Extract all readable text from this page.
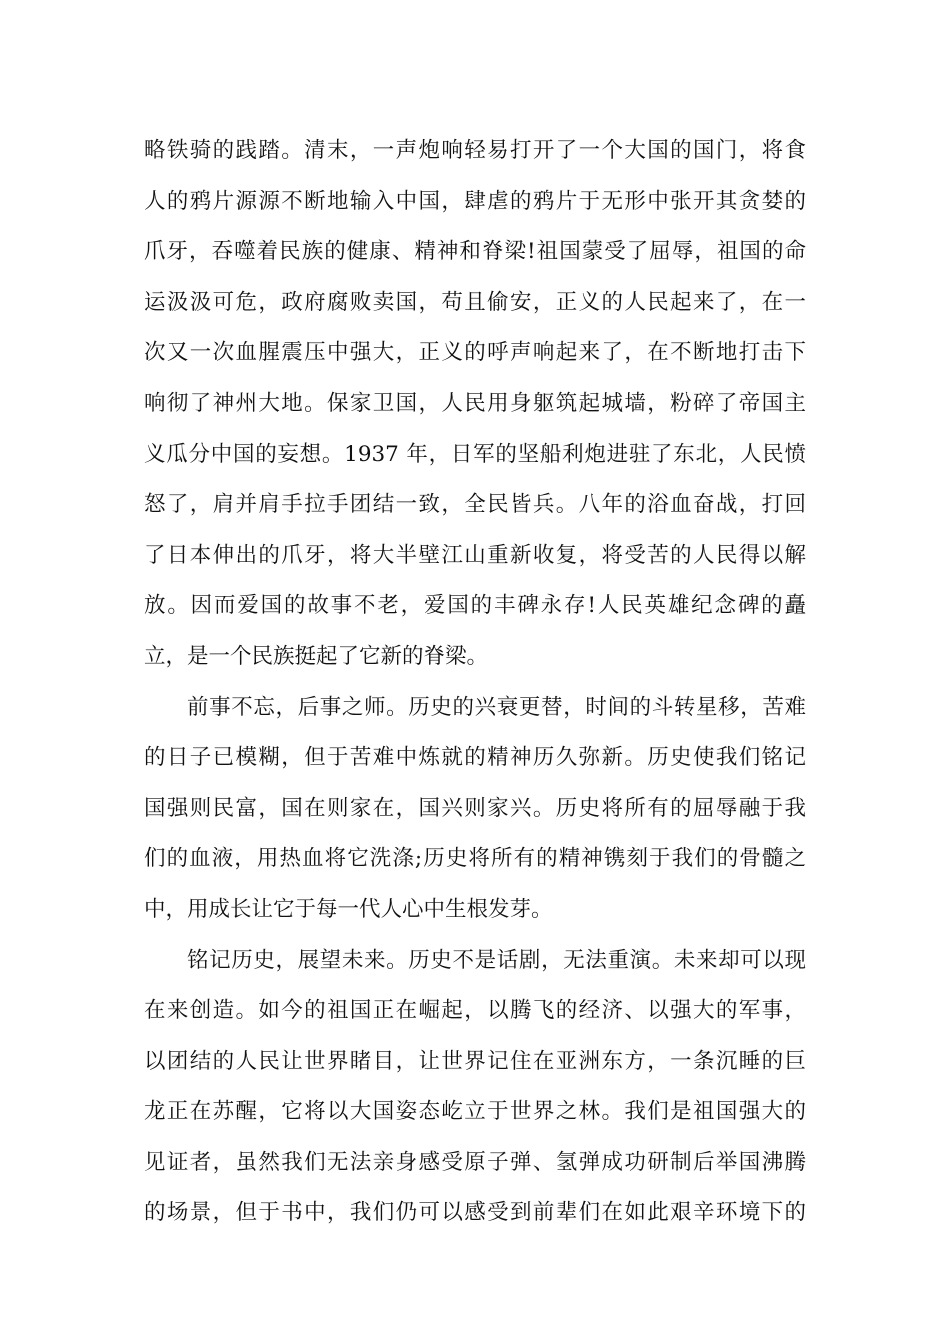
略铁骑的践踏。清末，一声炮响轻易打开了一个大国的国门，将食
人的鸦片源源不断地输入中国，肆虐的鸦片于无形中张开其贪婪的
爪牙，吞噬着民族的健康、精神和脊梁!祖国蒙受了屈辱，祖国的命
运汲汲可危，政府腐败卖国，苟且偷安，正义的人民起来了，在一
次又一次血腥震压中强大，正义的呼声响起来了，在不断地打击下
响彻了神州大地。保家卫国，人民用身躯筑起城墙，粉碎了帝国主
义瓜分中国的妄想。1937 年，日军的坚船利炮进驻了东北，人民愤
怒了，肩并肩手拉手团结一致，全民皆兵。八年的浴血奋战，打回
了日本伸出的爪牙，将大半壁江山重新收复，将受苦的人民得以解
放。因而爱国的故事不老，爱国的丰碑永存!人民英雄纪念碑的矗
立，是一个民族挺起了它新的脊梁。
前事不忘，后事之师。历史的兴衰更替，时间的斗转星移，苦难
的日子已模糊，但于苦难中炼就的精神历久弥新。历史使我们铭记
国强则民富，国在则家在，国兴则家兴。历史将所有的屈辱融于我
们的血液，用热血将它洗涤;历史将所有的精神镌刻于我们的骨髓之
中，用成长让它于每一代人心中生根发芽。
铭记历史，展望未来。历史不是话剧，无法重演。未来却可以现
在来创造。如今的祖国正在崛起，以腾飞的经济、以强大的军事，
以团结的人民让世界睹目，让世界记住在亚洲东方，一条沉睡的巨
龙正在苏醒，它将以大国姿态屹立于世界之林。我们是祖国强大的
见证者，虽然我们无法亲身感受原子弹、氢弹成功研制后举国沸腾
的场景，但于书中，我们仍可以感受到前辈们在如此艰辛环境下的
